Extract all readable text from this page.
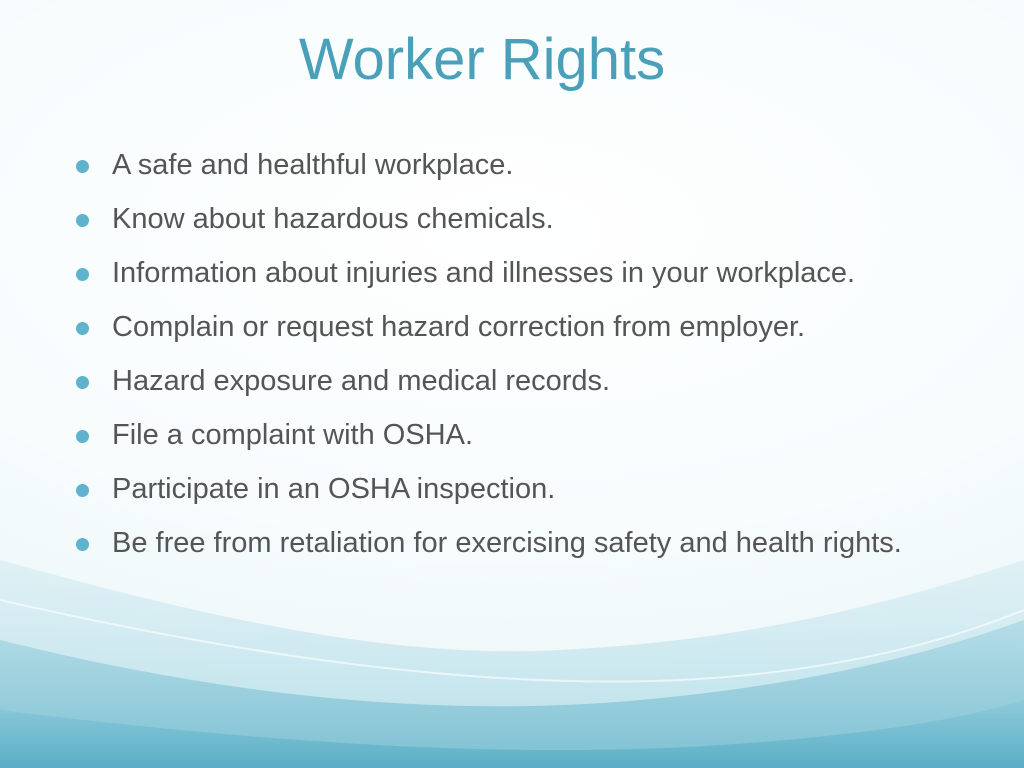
Worker Rights
A safe and healthful workplace.
Know about hazardous chemicals.
Information about injuries and illnesses in your workplace.
Complain or request hazard correction from employer.
Hazard exposure and medical records.
File a complaint with OSHA.
Participate in an OSHA inspection.
Be free from retaliation for exercising safety and health rights.
